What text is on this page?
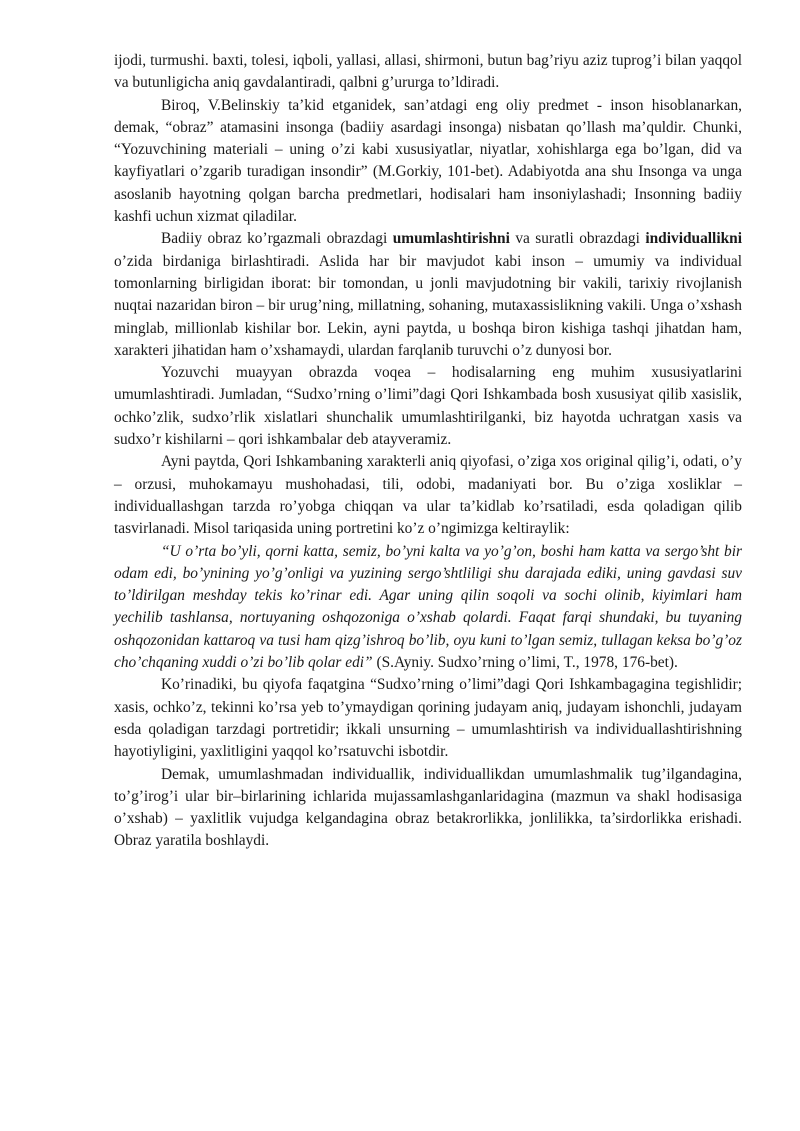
ijodi, turmushi. baxti, tolesi, iqboli, yallasi, allasi, shirmoni, butun bag’riyu aziz tuprog’i bilan yaqqol va butunligicha aniq gavdalantiradi, qalbni g’ururga to’ldiradi.

Biroq, V.Belinskiy ta’kid etganidek, san’atdagi eng oliy predmet - inson hisoblanarkan, demak, “obraz” atamasini insonga (badiiy asardagi insonga) nisbatan qo’llash ma’quldir. Chunki, “Yozuvchining materiali – uning o’zi kabi xususiyatlar, niyatlar, xohishlarga ega bo’lgan, did va kayfiyatlari o’zgarib turadigan insondir” (M.Gorkiy, 101-bet). Adabiyotda ana shu Insonga va unga asoslanib hayotning qolgan barcha predmetlari, hodisalari ham insoniylashadi; Insonning badiiy kashfi uchun xizmat qiladilar.

Badiiy obraz ko’rgazmali obrazdagi umumlashtirishni va suratli obrazdagi individuallikni o’zida birdaniga birlashtiradi. Aslida har bir mavjudot kabi inson – umumiy va individual tomonlarning birligidan iborat: bir tomondan, u jonli mavjudotning bir vakili, tarixiy rivojlanish nuqtai nazaridan biron – bir urug’ning, millatning, sohaning, mutaxassislikning vakili. Unga o’xshash minglab, millionlab kishilar bor. Lekin, ayni paytda, u boshqa biron kishiga tashqi jihatdan ham, xarakteri jihatidan ham o’xshamaydi, ulardan farqlanib turuvchi o’z dunyosi bor.

Yozuvchi muayyan obrazda voqea – hodisalarning eng muhim xususiyatlarini umumlashtiradi. Jumladan, “Sudxo’rning o’limi”dagi Qori Ishkambada bosh xususiyat qilib xasislik, ochko’zlik, sudxo’rlik xislatlari shunchalik umumlashtirilganki, biz hayotda uchratgan xasis va sudxo’r kishilarni – qori ishkambalar deb atayveramiz.

Ayni paytda, Qori Ishkambaning xarakterli aniq qiyofasi, o’ziga xos original qilig’i, odati, o’y – orzusi, muhokamayu mushohadasi, tili, odobi, madaniyati bor. Bu o’ziga xosliklar – individuallashgan tarzda ro’yobga chiqqan va ular ta’kidlab ko’rsatiladi, esda qoladigan qilib tasvirlanadi. Misol tariqasida uning portretini ko’z o’ngimizga keltiraylik:

“U o’rta bo’yli, qorni katta, semiz, bo’yni kalta va yo’g’on, boshi ham katta va sergo’sht bir odam edi, bo’ynining yo’g’onligi va yuzining sergo’shtliligi shu darajada ediki, uning gavdasi suv to’ldirilgan meshday tekis ko’rinar edi. Agar uning qilin soqoli va sochi olinib, kiyimlari ham yechilib tashlansa, nortuyaning oshqozoniga o’xshab qolardi. Faqat farqi shundaki, bu tuyaning oshqozonidan kattaroq va tusi ham qizg’ishroq bo’lib, oyu kuni to’lgan semiz, tullagan keksa bo’g’oz cho’chqaning xuddi o’zi bo’lib qolar edi” (S.Ayniy. Sudxo’rning o’limi, T., 1978, 176-bet).

Ko’rinadiki, bu qiyofa faqatgina “Sudxo’rning o’limi”dagi Qori Ishkambagagina tegishlidir; xasis, ochko’z, tekinni ko’rsa yeb to’ymaydigan qorining judayam aniq, judayam ishonchli, judayam esda qoladigan tarzdagi portretidir; ikkali unsurning – umumlashtirish va individuallashtirishning hayotiyligini, yaxlitligini yaqqol ko’rsatuvchi isbotdir.

Demak, umumlashmadan individuallik, individuallikdan umumlashmalik tug’ilgandagina, to’g’irog’i ular bir–birlarining ichlarida mujassamlashganlaridagina (mazmun va shakl hodisasiga o’xshab) – yaxlitlik vujudga kelgandagina obraz betakrorlikka, jonlilikka, ta’sirdorlikka erishadi. Obraz yaratila boshlaydi.
